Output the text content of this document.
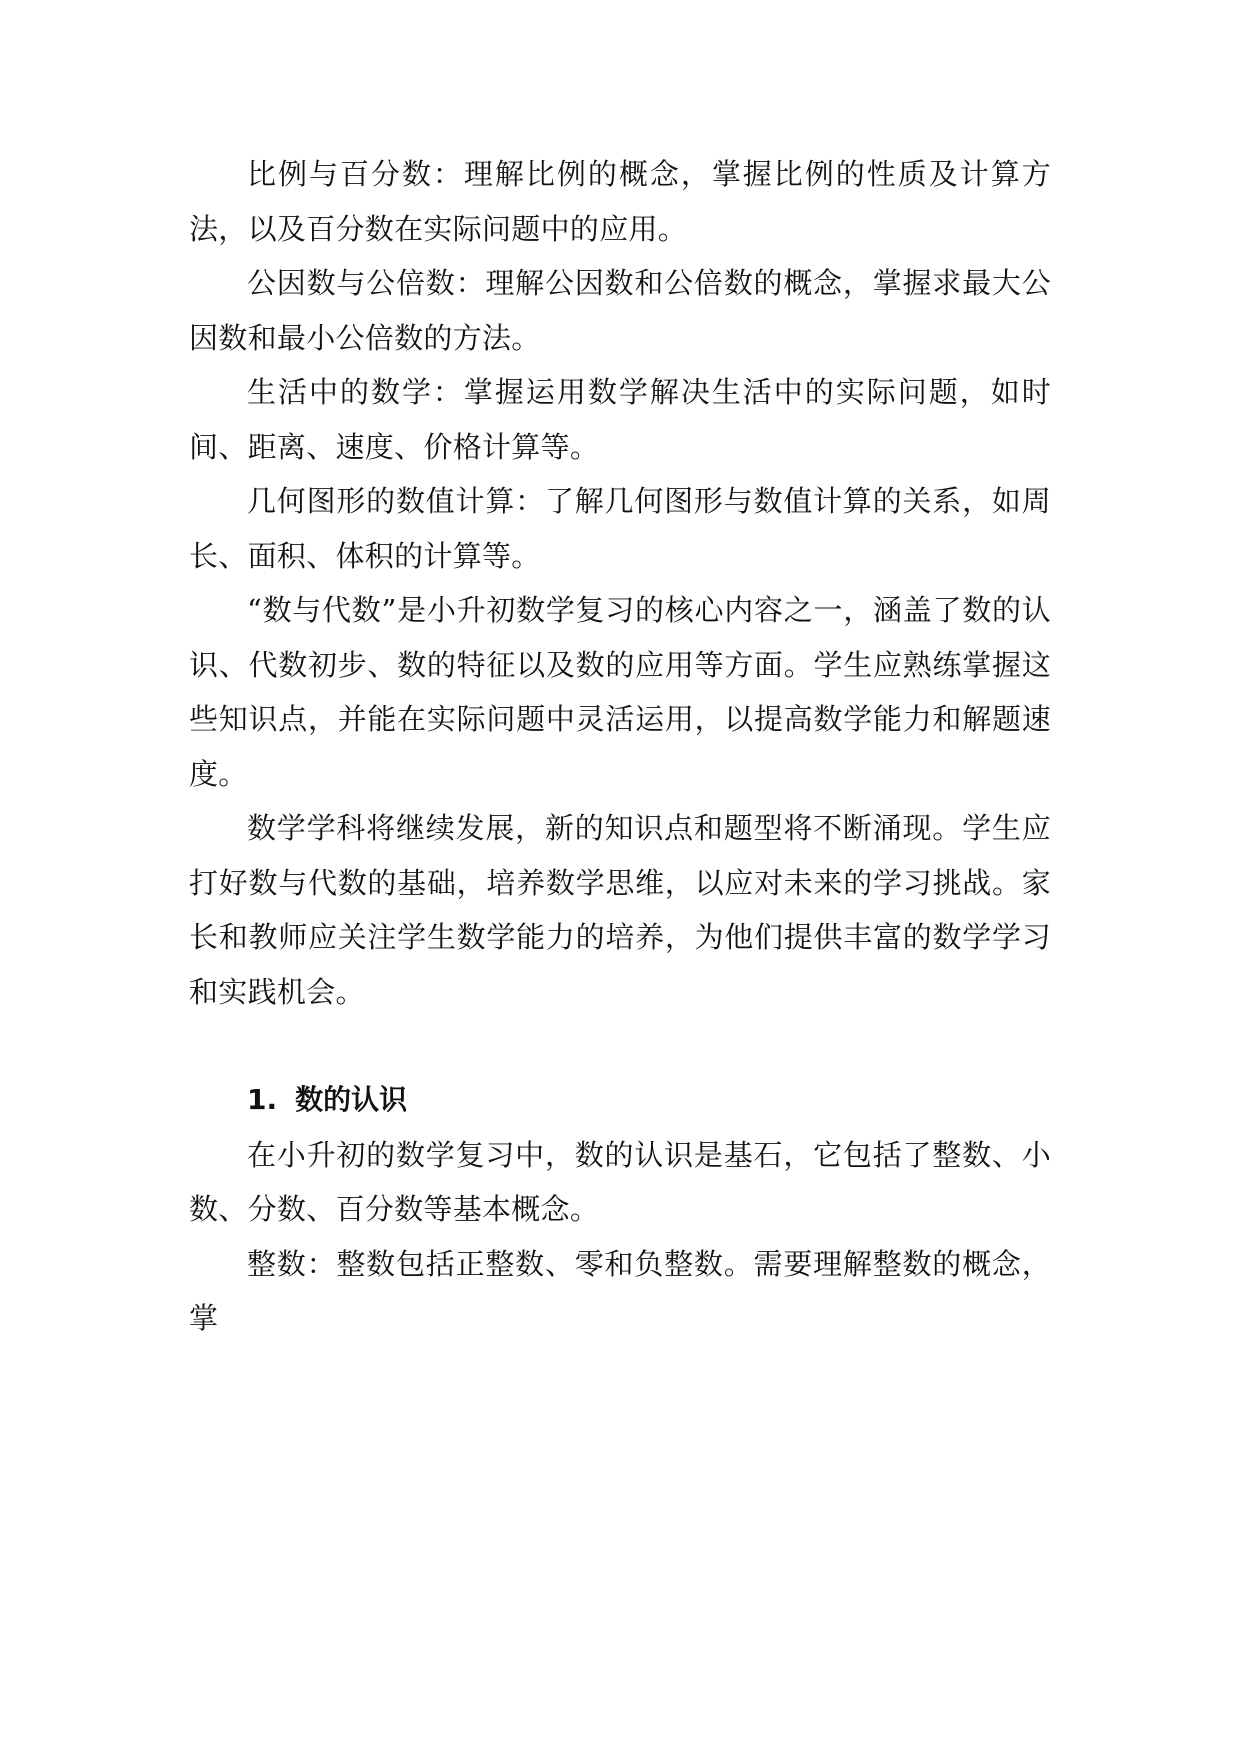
比例与百分数：理解比例的概念，掌握比例的性质及计算方法，以及百分数在实际问题中的应用。

公因数与公倍数：理解公因数和公倍数的概念，掌握求最大公因数和最小公倍数的方法。

生活中的数学：掌握运用数学解决生活中的实际问题，如时间、距离、速度、价格计算等。

几何图形的数值计算：了解几何图形与数值计算的关系，如周长、面积、体积的计算等。

“数与代数”是小升初数学复习的核心内容之一，涵盖了数的认识、代数初步、数的特征以及数的应用等方面。学生应熟练掌握这些知识点，并能在实际问题中灵活运用，以提高数学能力和解题速度。

数学学科将继续发展，新的知识点和题型将不断涌现。学生应打好数与代数的基础，培养数学思维，以应对未来的学习挑战。家长和教师应关注学生数学能力的培养，为他们提供丰富的数学学习和实践机会。

1. 数的认识

在小升初的数学复习中，数的认识是基石，它包括了整数、小数、分数、百分数等基本概念。

整数：整数包括正整数、零和负整数。需要理解整数的概念，掌
